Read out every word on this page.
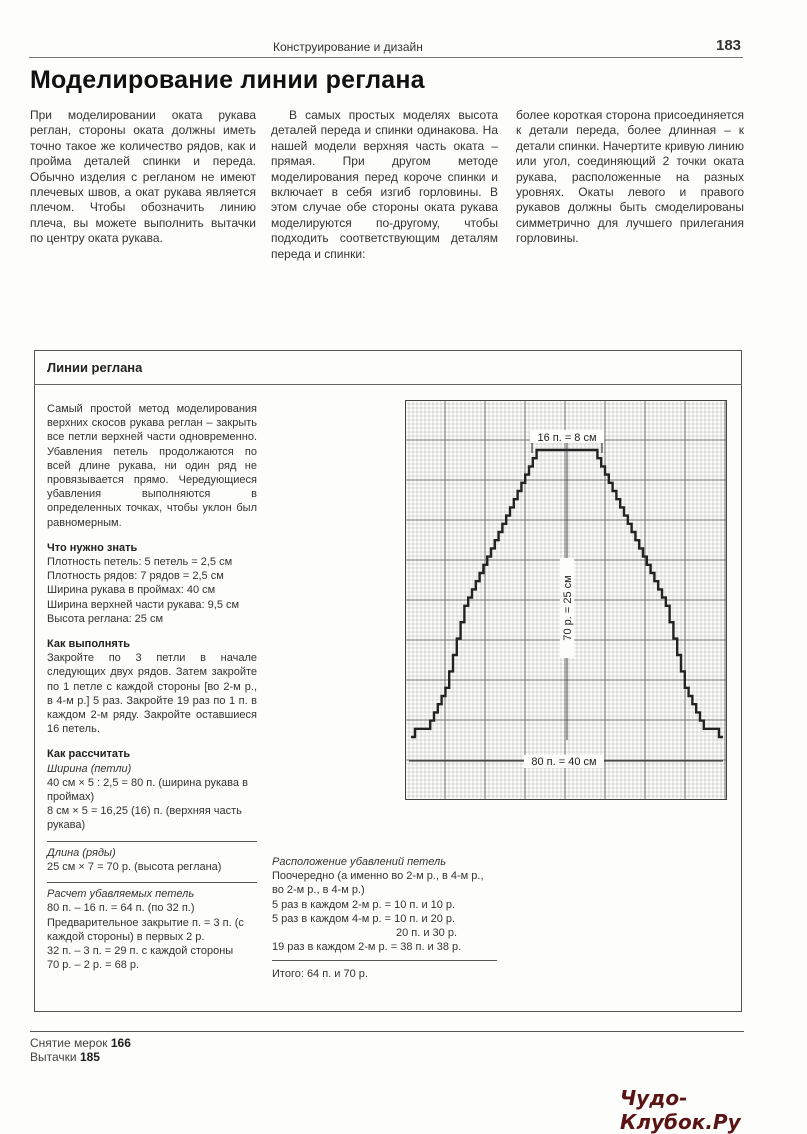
Конструирование и дизайн	183
Моделирование линии реглана

При моделировании оката рукава реглан, стороны оката должны иметь точно такое же количество рядов, как и пройма деталей спинки и переда. Обычно изделия с регланом не имеют плечевых швов, а окат рукава является плечом. Чтобы обозначить линию плеча, вы можете выполнить вытачки по центру оката рукава.

В самых простых моделях высота деталей переда и спинки одинакова. На нашей модели верхняя часть оката – прямая. При другом методе моделирования перед короче спинки и включает в себя изгиб горловины. В этом случае обе стороны оката рукава моделируются по-другому, чтобы подходить соответствующим деталям переда и спинки:

более короткая сторона присоединяется к детали переда, более длинная – к детали спинки. Начертите кривую линию или угол, соединяющий 2 точки оката рукава, расположенные на разных уровнях. Окаты левого и правого рукавов должны быть смоделированы симметрично для лучшего прилегания горловины.

Линии реглана

Самый простой метод моделирования верхних скосов рукава реглан – закрыть все петли верхней части одновременно. Убавления петель продолжаются по всей длине рукава, ни один ряд не провязывается прямо. Чередующиеся убавления выполняются в определенных точках, чтобы уклон был равномерным.

Что нужно знать

Плотность петель: 5 петель = 2,5 см

Плотность рядов: 7 рядов = 2,5 см

Ширина рукава в проймах: 40 см

Ширина верхней части рукава: 9,5 см

Высота реглана: 25 см

Как выполнять

Закройте по 3 петли в начале следующих двух рядов. Затем закройте по 1 петле с каждой стороны [во 2-м р., в 4-м р.] 5 раз. Закройте 19 раз по 1 п. в каждом 2-м ряду. Закройте оставшиеся 16 петель.

Как рассчитать

Ширина (петли)

40 см × 5 : 2,5 = 80 п. (ширина рукава в проймах)

8 см × 5 = 16,25 (16) п. (верхняя часть рукава)

Длина (ряды)

25 см × 7 = 70 р. (высота реглана)

Расчет убавляемых петель

80 п. – 16 п. = 64 п. (по 32 п.)

Предварительное закрытие п. = 3 п. (с каждой стороны) в первых 2 р.

32 п. – 3 п. = 29 п. с каждой стороны

70 р. – 2 р. = 68 р.

Расположение убавлений петель

Поочередно (а именно во 2-м р., в 4-м р., во 2-м р., в 4-м р.)

5 раз в каждом 2-м р. = 10 п. и 10 р.

5 раз в каждом 4-м р. = 10 п. и 20 р.

20 п. и 30 р.

19 раз в каждом 2-м р. = 38 п. и 38 р.

Итого: 64 п. и 70 р.

16 п. = 8 см
70 р. = 25 см
80 п. = 40 см
Снятие мерок 166
Вытачки 185
Чудо-Клубок.Ру
